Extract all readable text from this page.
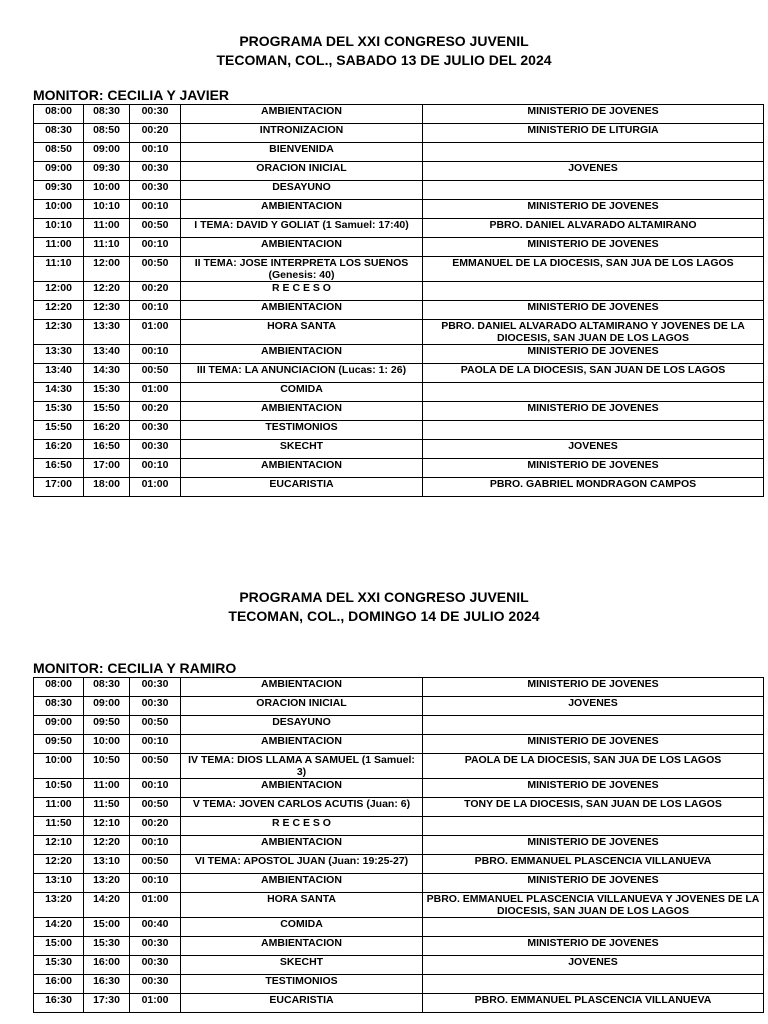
PROGRAMA DEL XXI CONGRESO JUVENIL
TECOMAN, COL., SABADO 13 DE JULIO DEL 2024
MONITOR: CECILIA Y JAVIER
08:00	08:30	00:30	AMBIENTACION	MINISTERIO DE JOVENES
08:30	08:50	00:20	INTRONIZACION	MINISTERIO DE LITURGIA
08:50	09:00	00:10	BIENVENIDA	
09:00	09:30	00:30	ORACION INICIAL	JOVENES
09:30	10:00	00:30	DESAYUNO	
10:00	10:10	00:10	AMBIENTACION	MINISTERIO DE JOVENES
10:10	11:00	00:50	I TEMA: DAVID Y GOLIAT (1 Samuel: 17:40)	PBRO. DANIEL ALVARADO ALTAMIRANO
11:00	11:10	00:10	AMBIENTACION	MINISTERIO DE JOVENES
11:10	12:00	00:50	II TEMA: JOSE INTERPRETA LOS SUENOS (Genesis: 40)	EMMANUEL DE LA DIOCESIS, SAN JUA DE LOS LAGOS
12:00	12:20	00:20	R E C E S O	
12:20	12:30	00:10	AMBIENTACION	MINISTERIO DE JOVENES
12:30	13:30	01:00	HORA SANTA	PBRO. DANIEL ALVARADO ALTAMIRANO Y JOVENES DE LA DIOCESIS, SAN JUAN DE LOS LAGOS
13:30	13:40	00:10	AMBIENTACION	MINISTERIO DE JOVENES
13:40	14:30	00:50	III TEMA: LA ANUNCIACION (Lucas: 1: 26)	PAOLA DE LA DIOCESIS, SAN JUAN DE LOS LAGOS
14:30	15:30	01:00	COMIDA	
15:30	15:50	00:20	AMBIENTACION	MINISTERIO DE JOVENES
15:50	16:20	00:30	TESTIMONIOS	
16:20	16:50	00:30	SKECHT	JOVENES
16:50	17:00	00:10	AMBIENTACION	MINISTERIO DE JOVENES
17:00	18:00	01:00	EUCARISTIA	PBRO. GABRIEL MONDRAGON CAMPOS
PROGRAMA DEL XXI CONGRESO JUVENIL
TECOMAN, COL., DOMINGO 14 DE JULIO 2024
MONITOR: CECILIA Y RAMIRO
08:00	08:30	00:30	AMBIENTACION	MINISTERIO DE JOVENES
08:30	09:00	00:30	ORACION INICIAL	JOVENES
09:00	09:50	00:50	DESAYUNO	
09:50	10:00	00:10	AMBIENTACION	MINISTERIO DE JOVENES
10:00	10:50	00:50	IV TEMA: DIOS LLAMA A SAMUEL (1 Samuel: 3)	PAOLA DE LA DIOCESIS, SAN JUA DE LOS LAGOS
10:50	11:00	00:10	AMBIENTACION	MINISTERIO DE JOVENES
11:00	11:50	00:50	V TEMA: JOVEN CARLOS ACUTIS (Juan: 6)	TONY DE LA DIOCESIS, SAN JUAN DE LOS LAGOS
11:50	12:10	00:20	R E C E S O	
12:10	12:20	00:10	AMBIENTACION	MINISTERIO DE JOVENES
12:20	13:10	00:50	VI TEMA: APOSTOL JUAN (Juan: 19:25-27)	PBRO. EMMANUEL PLASCENCIA VILLANUEVA
13:10	13:20	00:10	AMBIENTACION	MINISTERIO DE JOVENES
13:20	14:20	01:00	HORA SANTA	PBRO. EMMANUEL PLASCENCIA VILLANUEVA Y JOVENES DE LA DIOCESIS, SAN JUAN DE LOS LAGOS
14:20	15:00	00:40	COMIDA	
15:00	15:30	00:30	AMBIENTACION	MINISTERIO DE JOVENES
15:30	16:00	00:30	SKECHT	JOVENES
16:00	16:30	00:30	TESTIMONIOS	
16:30	17:30	01:00	EUCARISTIA	PBRO. EMMANUEL PLASCENCIA VILLANUEVA
